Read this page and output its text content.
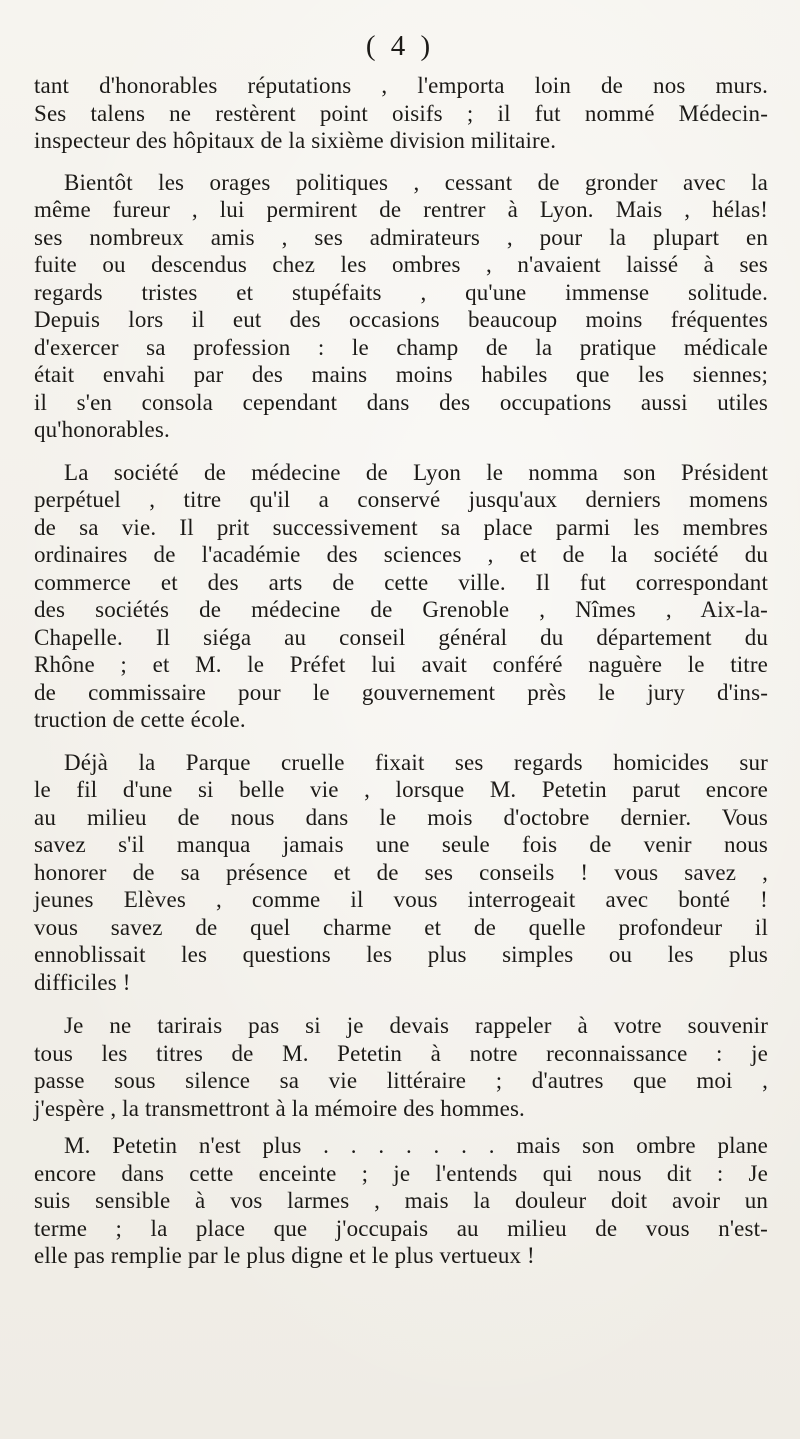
( 4 )
tant d'honorables réputations , l'emporta loin de nos murs.
Ses talens ne restèrent point oisifs ; il fut nommé Médecin-
inspecteur des hôpitaux de la sixième division militaire.
Bientôt les orages politiques , cessant de gronder avec la
même fureur , lui permirent de rentrer à Lyon. Mais , hélas!
ses nombreux amis , ses admirateurs , pour la plupart en
fuite ou descendus chez les ombres , n'avaient laissé à ses
regards tristes et stupéfaits , qu'une immense solitude.
Depuis lors il eut des occasions beaucoup moins fréquentes
d'exercer sa profession : le champ de la pratique médicale
était envahi par des mains moins habiles que les siennes;
il s'en consola cependant dans des occupations aussi utiles
qu'honorables.
La société de médecine de Lyon le nomma son Président
perpétuel , titre qu'il a conservé jusqu'aux derniers momens
de sa vie. Il prit successivement sa place parmi les membres
ordinaires de l'académie des sciences , et de la société du
commerce et des arts de cette ville. Il fut correspondant
des sociétés de médecine de Grenoble , Nîmes , Aix-la-
Chapelle. Il siéga au conseil général du département du
Rhône ; et M. le Préfet lui avait conféré naguère le titre
de commissaire pour le gouvernement près le jury d'ins-
truction de cette école.
Déjà la Parque cruelle fixait ses regards homicides sur
le fil d'une si belle vie , lorsque M. Petetin parut encore
au milieu de nous dans le mois d'octobre dernier. Vous
savez s'il manqua jamais une seule fois de venir nous
honorer de sa présence et de ses conseils ! vous savez ,
jeunes Elèves , comme il vous interrogeait avec bonté !
vous savez de quel charme et de quelle profondeur il
ennoblissait les questions les plus simples ou les plus
difficiles !
Je ne tarirais pas si je devais rappeler à votre souvenir
tous les titres de M. Petetin à notre reconnaissance : je
passe sous silence sa vie littéraire ; d'autres que moi ,
j'espère , la transmettront à la mémoire des hommes.
M. Petetin n'est plus . . . . . . . mais son ombre plane
encore dans cette enceinte ; je l'entends qui nous dit : Je
suis sensible à vos larmes , mais la douleur doit avoir un
terme ; la place que j'occupais au milieu de vous n'est-
elle pas remplie par le plus digne et le plus vertueux !
